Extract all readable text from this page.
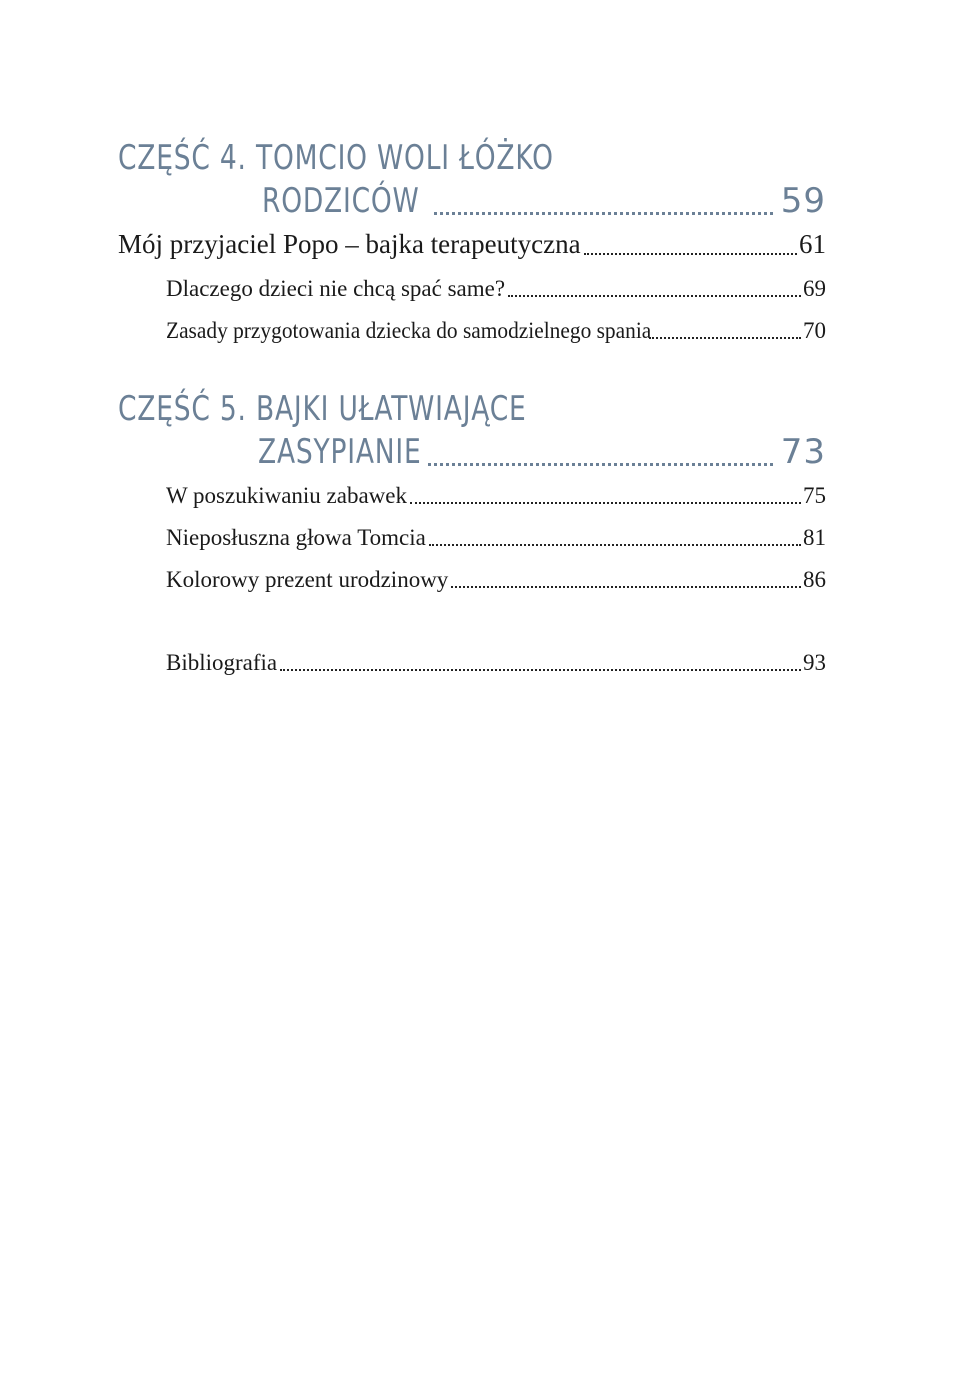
CZĘŚĆ 4. TOMCIO WOLI ŁÓŻKO
RODZICÓW	59
Mój przyjaciel Popo – bajka terapeutyczna	61
Dlaczego dzieci nie chcą spać same?	69
Zasady przygotowania dziecka do samodzielnego spania	70
CZĘŚĆ 5. BAJKI UŁATWIAJĄCE
ZASYPIANIE	73
W poszukiwaniu zabawek	75
Nieposłuszna głowa Tomcia	81
Kolorowy prezent urodzinowy	86
Bibliografia	93
